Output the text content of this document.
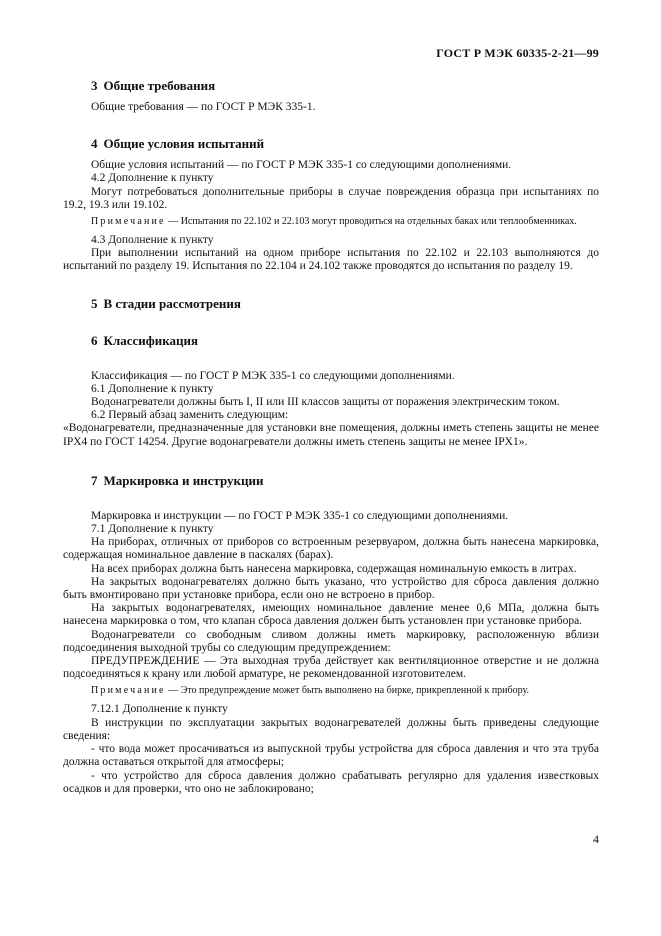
ГОСТ Р МЭК 60335-2-21—99
3 Общие требования

Общие требования — по ГОСТ Р МЭК 335-1.

4 Общие условия испытаний

Общие условия испытаний — по ГОСТ Р МЭК 335-1 со следующими дополнениями.

4.2 Дополнение к пункту

Могут потребоваться дополнительные приборы в случае повреждения образца при испытаниях по 19.2, 19.3 или 19.102.

Примечание — Испытания по 22.102 и 22.103 могут проводиться на отдельных баках или теплообменниках.

4.3 Дополнение к пункту

При выполнении испытаний на одном приборе испытания по 22.102 и 22.103 выполняются до испытаний по разделу 19. Испытания по 22.104 и 24.102 также проводятся до испытания по разделу 19.

5 В стадии рассмотрения
6 Классификация

Классификация — по ГОСТ Р МЭК 335-1 со следующими дополнениями.

6.1 Дополнение к пункту

Водонагреватели должны быть I, II или III классов защиты от поражения электрическим током.

6.2 Первый абзац заменить следующим:

«Водонагреватели, предназначенные для установки вне помещения, должны иметь степень защиты не менее IPX4 по ГОСТ 14254. Другие водонагреватели должны иметь степень защиты не менее IPX1».

7 Маркировка и инструкции

Маркировка и инструкции — по ГОСТ Р МЭК 335-1 со следующими дополнениями.

7.1 Дополнение к пункту

На приборах, отличных от приборов со встроенным резервуаром, должна быть нанесена маркировка, содержащая номинальное давление в паскалях (барах).

На всех приборах должна быть нанесена маркировка, содержащая номинальную емкость в литрах.

На закрытых водонагревателях должно быть указано, что устройство для сброса давления должно быть вмонтировано при установке прибора, если оно не встроено в прибор.

На закрытых водонагревателях, имеющих номинальное давление менее 0,6 МПа, должна быть нанесена маркировка о том, что клапан сброса давления должен быть установлен при установке прибора.

Водонагреватели со свободным сливом должны иметь маркировку, расположенную вблизи подсоединения выходной трубы со следующим предупреждением:

ПРЕДУПРЕЖДЕНИЕ — Эта выходная труба действует как вентиляционное отверстие и не должна подсоединяться к крану или любой арматуре, не рекомендованной изготовителем.

Примечание — Это предупреждение может быть выполнено на бирке, прикрепленной к прибору.

7.12.1 Дополнение к пункту

В инструкции по эксплуатации закрытых водонагревателей должны быть приведены следующие сведения:

- что вода может просачиваться из выпускной трубы устройства для сброса давления и что эта труба должна оставаться открытой для атмосферы;

- что устройство для сброса давления должно срабатывать регулярно для удаления известковых осадков и для проверки, что оно не заблокировано;

4
